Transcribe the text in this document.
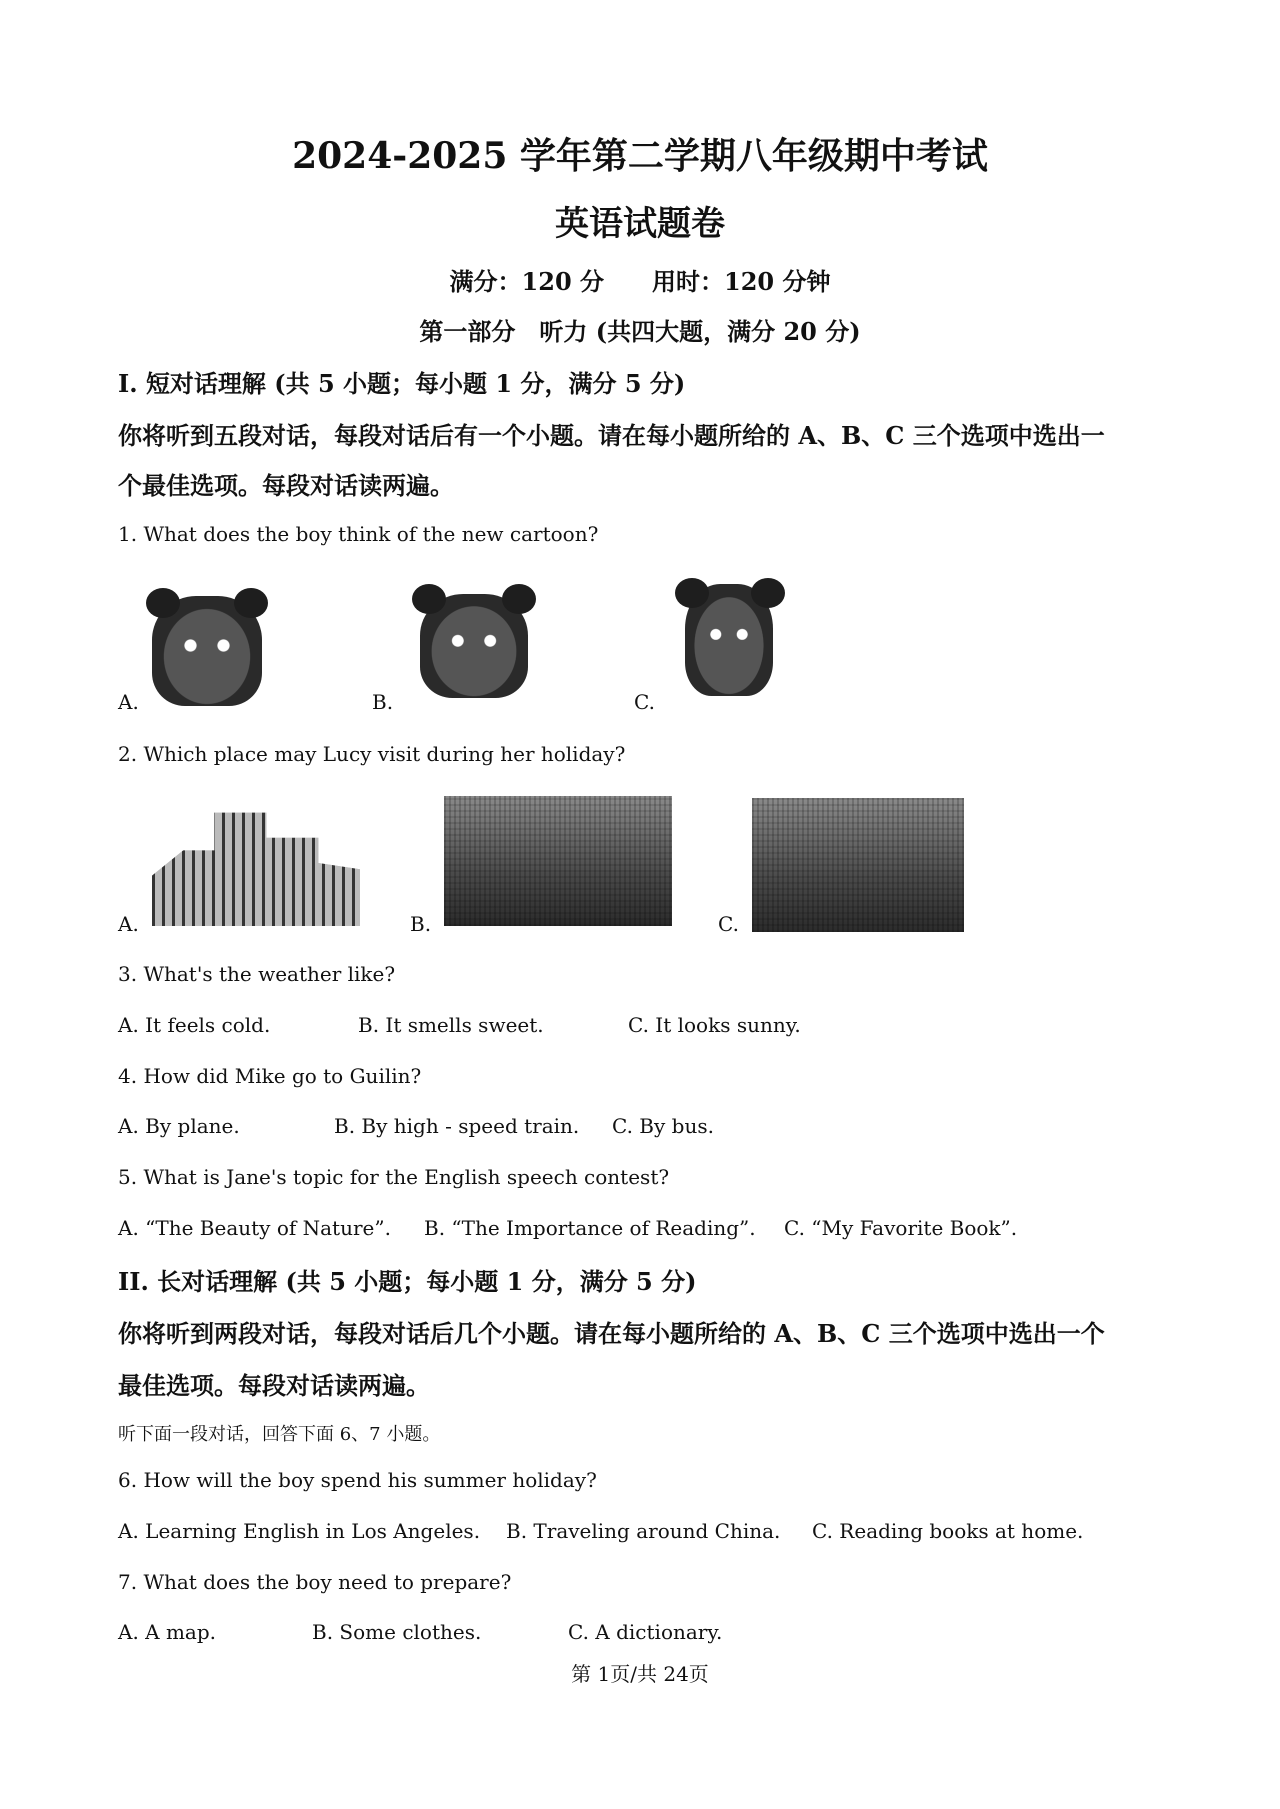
2024-2025 学年第二学期八年级期中考试
英语试题卷
满分：120 分　　用时：120 分钟
第一部分　听力 (共四大题，满分 20 分)
I. 短对话理解 (共 5 小题；每小题 1 分，满分 5 分)
你将听到五段对话，每段对话后有一个小题。请在每小题所给的 A、B、C 三个选项中选出一
个最佳选项。每段对话读两遍。
1. What does the boy think of the new cartoon?
A.	B.	C.
2. Which place may Lucy visit during her holiday?
A.	B.	C.
3. What's the weather like?
A. It feels cold.	B. It smells sweet.	C. It looks sunny.
4. How did Mike go to Guilin?
A. By plane.	B. By high - speed train. C. By bus.
5. What is Jane's topic for the English speech contest?
A. “The Beauty of Nature”. B. “The Importance of Reading”. C. “My Favorite Book”.
II. 长对话理解 (共 5 小题；每小题 1 分，满分 5 分)
你将听到两段对话，每段对话后几个小题。请在每小题所给的 A、B、C 三个选项中选出一个
最佳选项。每段对话读两遍。
听下面一段对话，回答下面 6、7 小题。
6. How will the boy spend his summer holiday?
A. Learning English in Los Angeles. B. Traveling around China. C. Reading books at home.
7. What does the boy need to prepare?
A. A map.	B. Some clothes.	C. A dictionary.
第 1页/共 24页
